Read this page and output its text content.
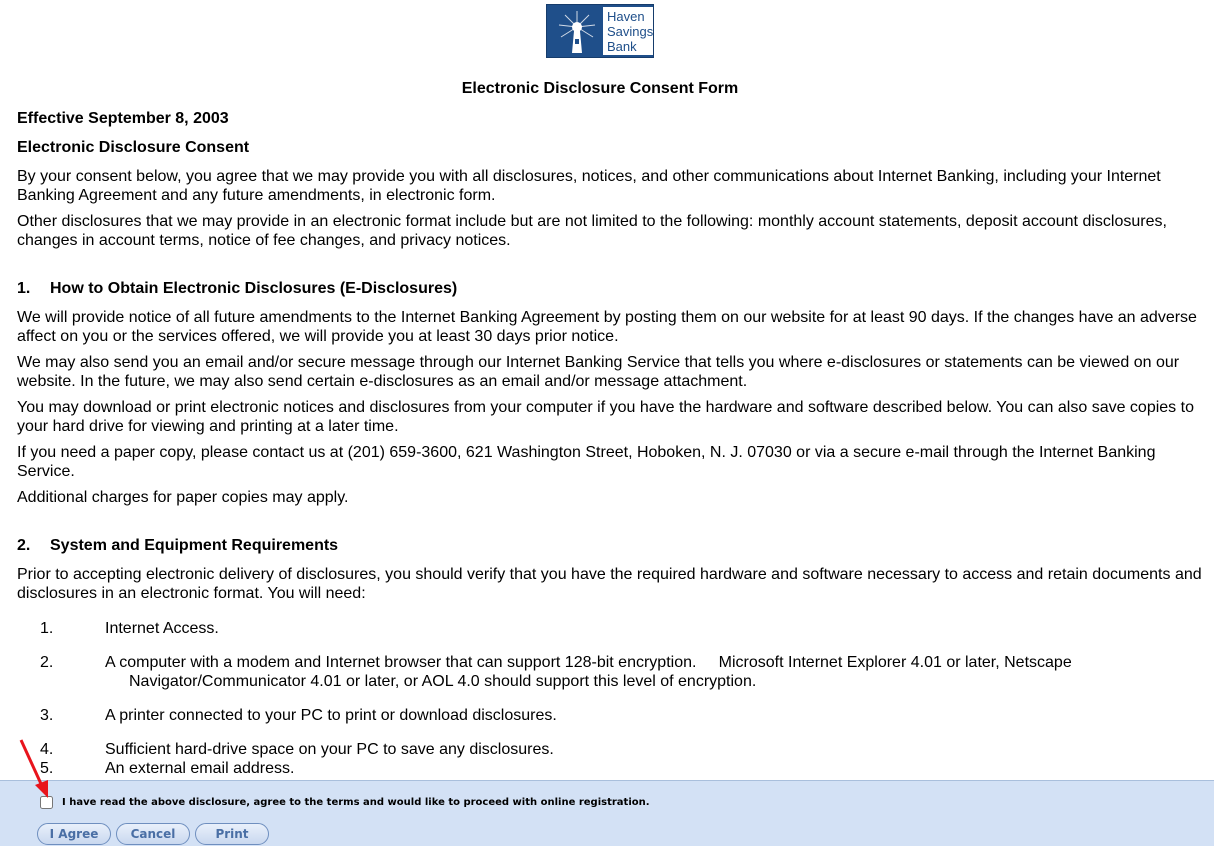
Haven
Savings
Bank
Electronic Disclosure Consent Form
Effective September 8, 2003
Electronic Disclosure Consent

By your consent below, you agree that we may provide you with all disclosures, notices, and other communications about Internet Banking, including your Internet Banking Agreement and any future amendments, in electronic form.

Other disclosures that we may provide in an electronic format include but are not limited to the following: monthly account statements, deposit account disclosures, changes in account terms, notice of fee changes, and privacy notices.

1. How to Obtain Electronic Disclosures (E-Disclosures)

We will provide notice of all future amendments to the Internet Banking Agreement by posting them on our website for at least 90 days. If the changes have an adverse affect on you or the services offered, we will provide you at least 30 days prior notice.

We may also send you an email and/or secure message through our Internet Banking Service that tells you where e-disclosures or statements can be viewed on our website. In the future, we may also send certain e-disclosures as an email and/or message attachment.

You may download or print electronic notices and disclosures from your computer if you have the hardware and software described below. You can also save copies to your hard drive for viewing and printing at a later time.

If you need a paper copy, please contact us at (201) 659-3600, 621 Washington Street, Hoboken, N. J. 07030 or via a secure e-mail through the Internet Banking Service.

Additional charges for paper copies may apply.

2. System and Equipment Requirements

Prior to accepting electronic delivery of disclosures, you should verify that you have the required hardware and software necessary to access and retain documents and disclosures in an electronic format. You will need:

1.	Internet Access.
2.	A computer with a modem and Internet browser that can support 128-bit encryption.     Microsoft Internet Explorer 4.01 or later, Netscape
Navigator/Communicator 4.01 or later, or AOL 4.0 should support this level of encryption.
3.	A printer connected to your PC to print or download disclosures.
4.	Sufficient hard-drive space on your PC to save any disclosures.
5.	An external email address.

I have read the above disclosure, agree to the terms and would like to proceed with online registration.
I Agree	Cancel	Print
